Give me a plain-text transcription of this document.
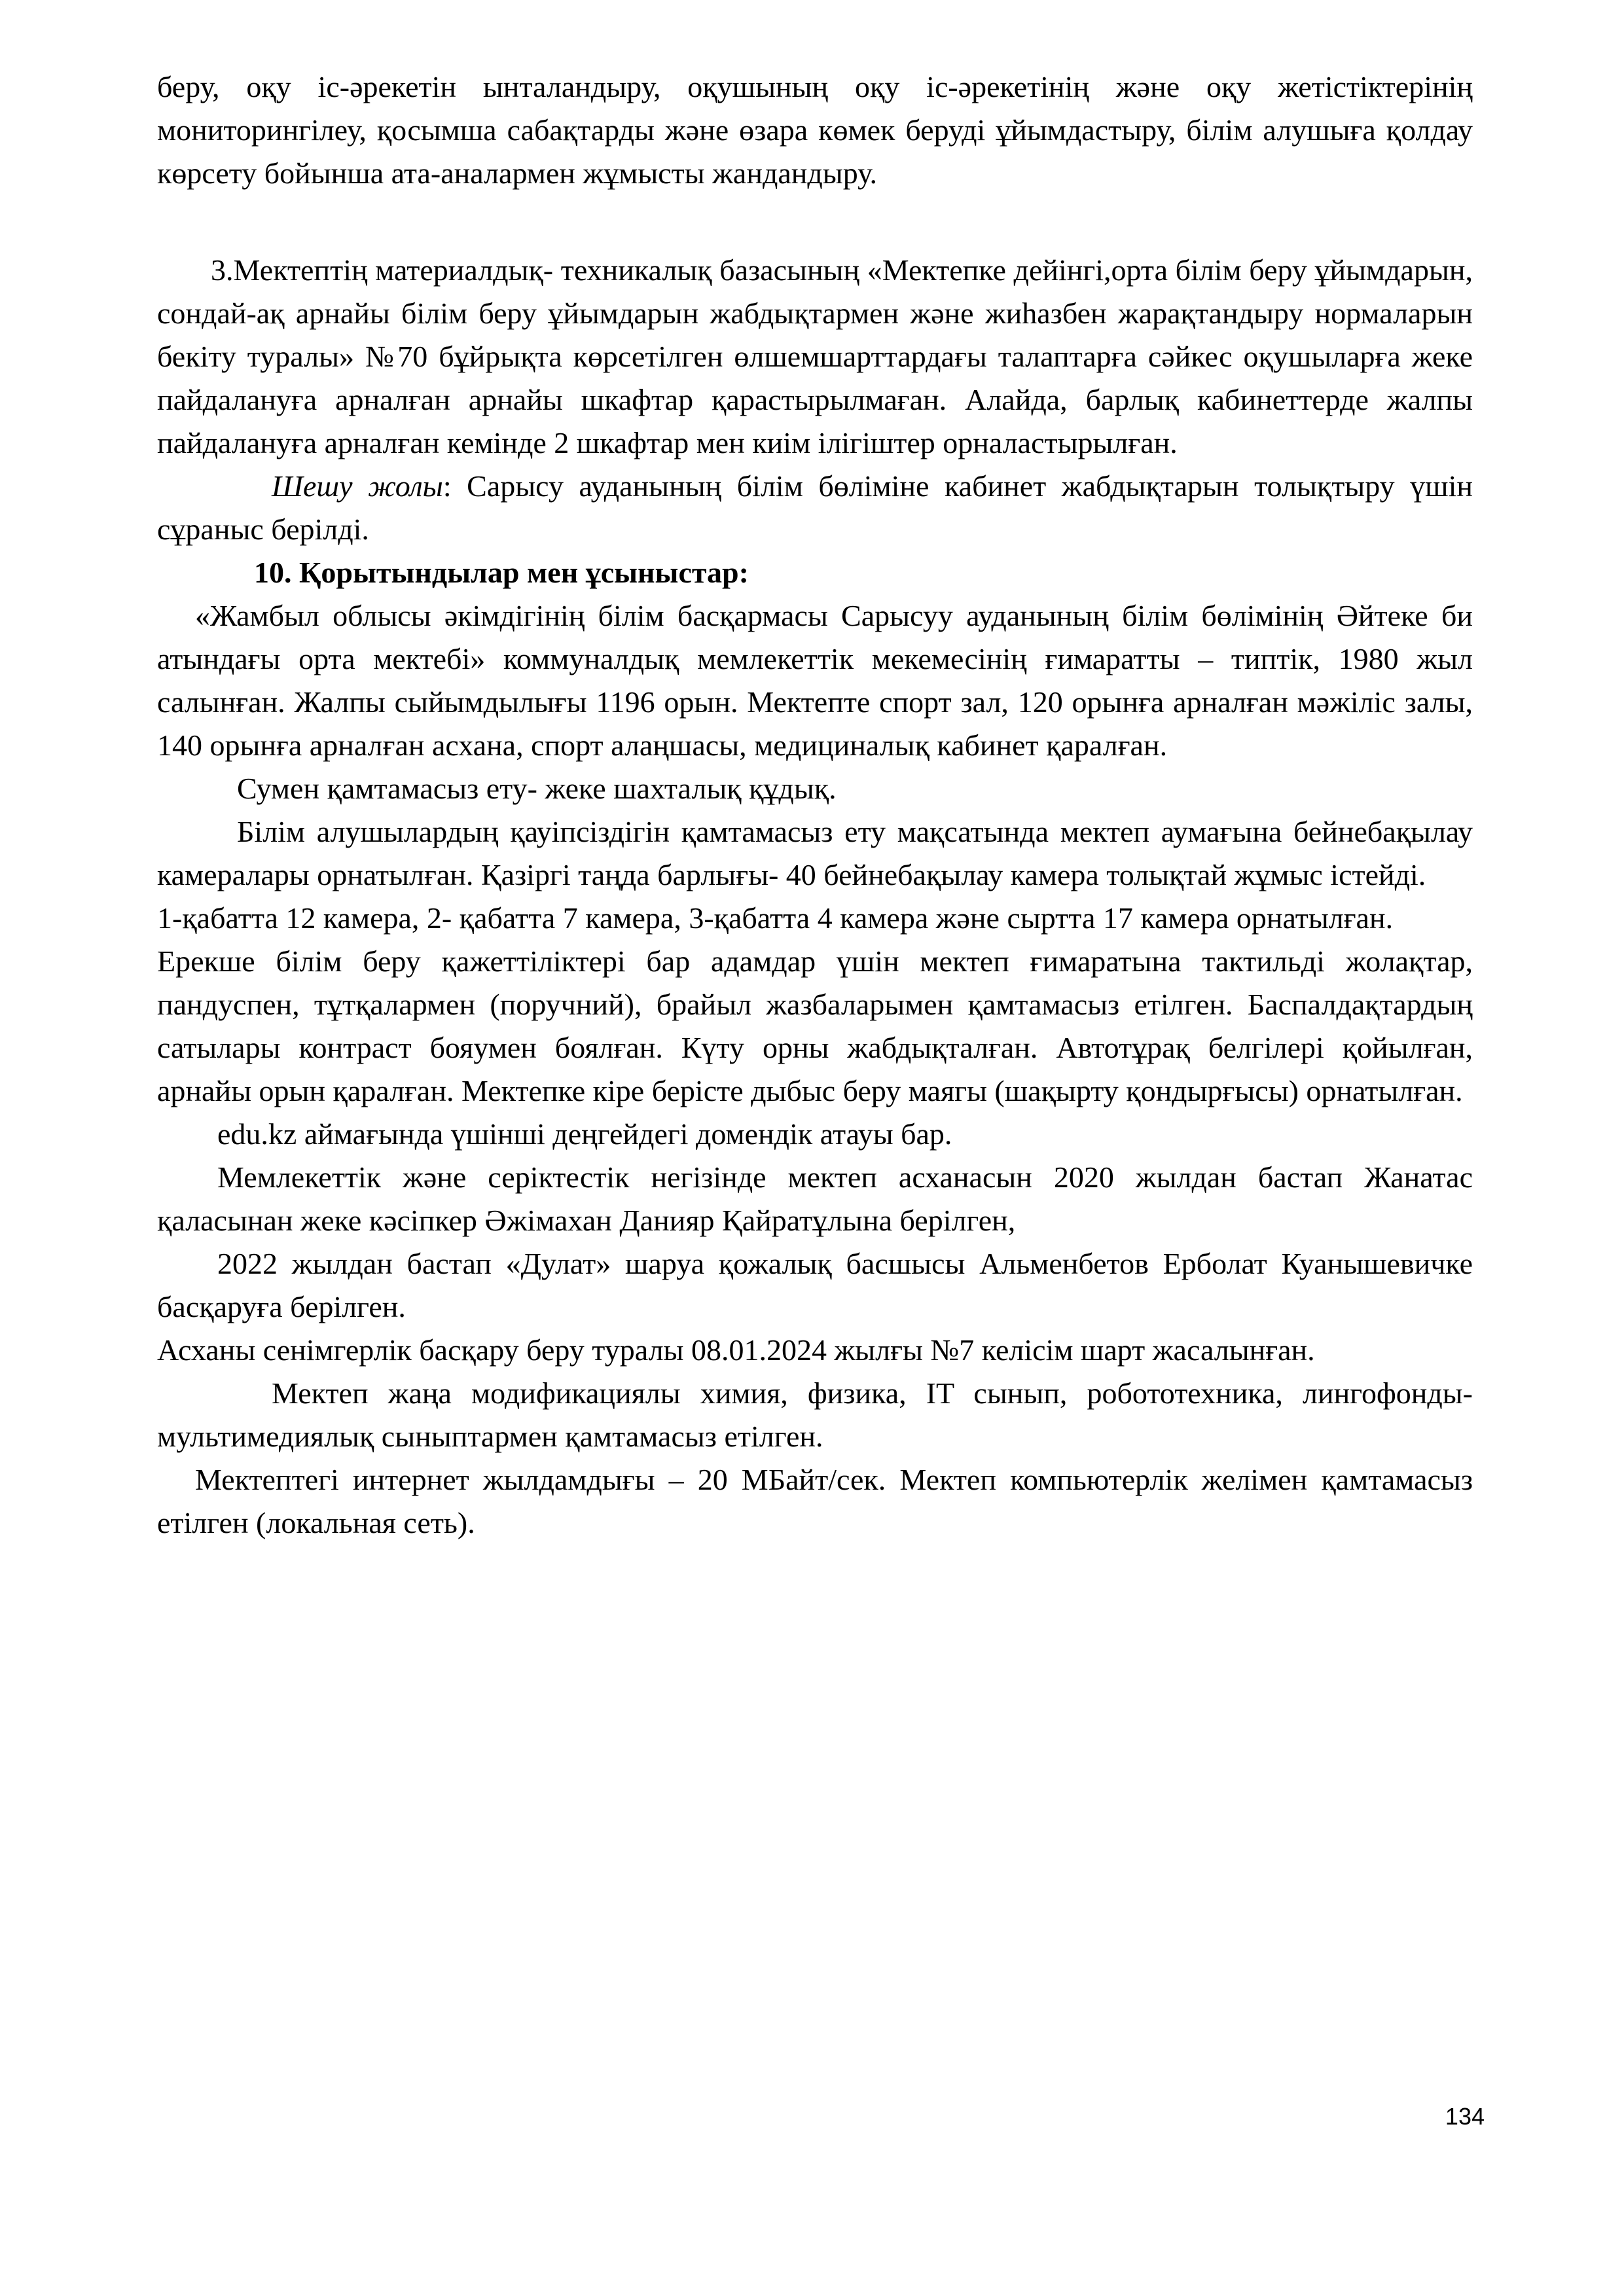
беру, оқу іс-әрекетін ынталандыру, оқушының оқу іс-әрекетінің және оқу жетістіктерінің мониторингілеу, қосымша сабақтарды және өзара көмек беруді ұйымдастыру, білім алушыға қолдау көрсету бойынша ата-аналармен жұмысты жандандыру.

3.Мектептің материалдық- техникалық базасының «Мектепке дейінгі,орта білім беру ұйымдарын, сондай-ақ арнайы білім беру ұйымдарын жабдықтармен және жиһазбен жарақтандыру нормаларын бекіту туралы» №70 бұйрықта көрсетілген өлшемшарттардағы талаптарға сәйкес оқушыларға жеке пайдалануға арналған арнайы шкафтар қарастырылмаған. Алайда, барлық кабинеттерде жалпы пайдалануға арналған кемінде 2 шкафтар мен киім ілігіштер орналастырылған.

Шешу жолы: Сарысу ауданының білім бөліміне кабинет жабдықтарын толықтыру үшін сұраныс берілді.

10. Қорытындылар мен ұсыныстар:

«Жамбыл облысы әкімдігінің білім басқармасы Сарысуу ауданының білім бөлімінің Әйтеке би атындағы орта мектебі» коммуналдық мемлекеттік мекемесінің ғимаратты – типтік, 1980 жыл салынған. Жалпы сыйымдылығы 1196 орын. Мектепте спорт зал, 120 орынға арналған мәжіліс залы, 140 орынға арналған асхана, спорт алаңшасы, медициналық кабинет қаралған.

Сумен қамтамасыз ету- жеке шахталық құдық.

Білім алушылардың қауіпсіздігін қамтамасыз ету мақсатында мектеп аумағына бейнебақылау камералары орнатылған. Қазіргі таңда барлығы- 40 бейнебақылау камера толықтай жұмыс істейді.

1-қабатта 12 камера, 2- қабатта 7 камера, 3-қабатта 4 камера және сыртта 17 камера орнатылған.

Ерекше білім беру қажеттіліктері бар адамдар үшін мектеп ғимаратына тактильді жолақтар, пандуспен, тұтқалармен (поручний), брайыл жазбаларымен қамтамасыз етілген. Баспалдақтардың сатылары контраст бояумен боялған. Күту орны жабдықталған. Автотұрақ белгілері қойылған, арнайы орын қаралған. Мектепке кіре берісте дыбыс беру маягы (шақырту қондырғысы) орнатылған.

edu.kz аймағында үшінші деңгейдегі домендік атауы бар.

Мемлекеттік және серіктестік негізінде мектеп асханасын 2020 жылдан бастап Жанатас қаласынан жеке кәсіпкер Әжімахан Данияр Қайратұлына берілген,

2022 жылдан бастап «Дулат» шаруа қожалық басшысы Альменбетов Ерболат Куанышевичке басқаруға берілген.

Асханы сенімгерлік басқару беру туралы 08.01.2024 жылғы №7 келісім шарт жасалынған.

Мектеп жаңа модификациялы химия, физика, IT сынып, робототехника, лингофонды-мультимедиялық сыныптармен қамтамасыз етілген.

Мектептегі интернет жылдамдығы – 20 МБайт/сек. Мектеп компьютерлік желімен қамтамасыз етілген (локальная сеть).

134
